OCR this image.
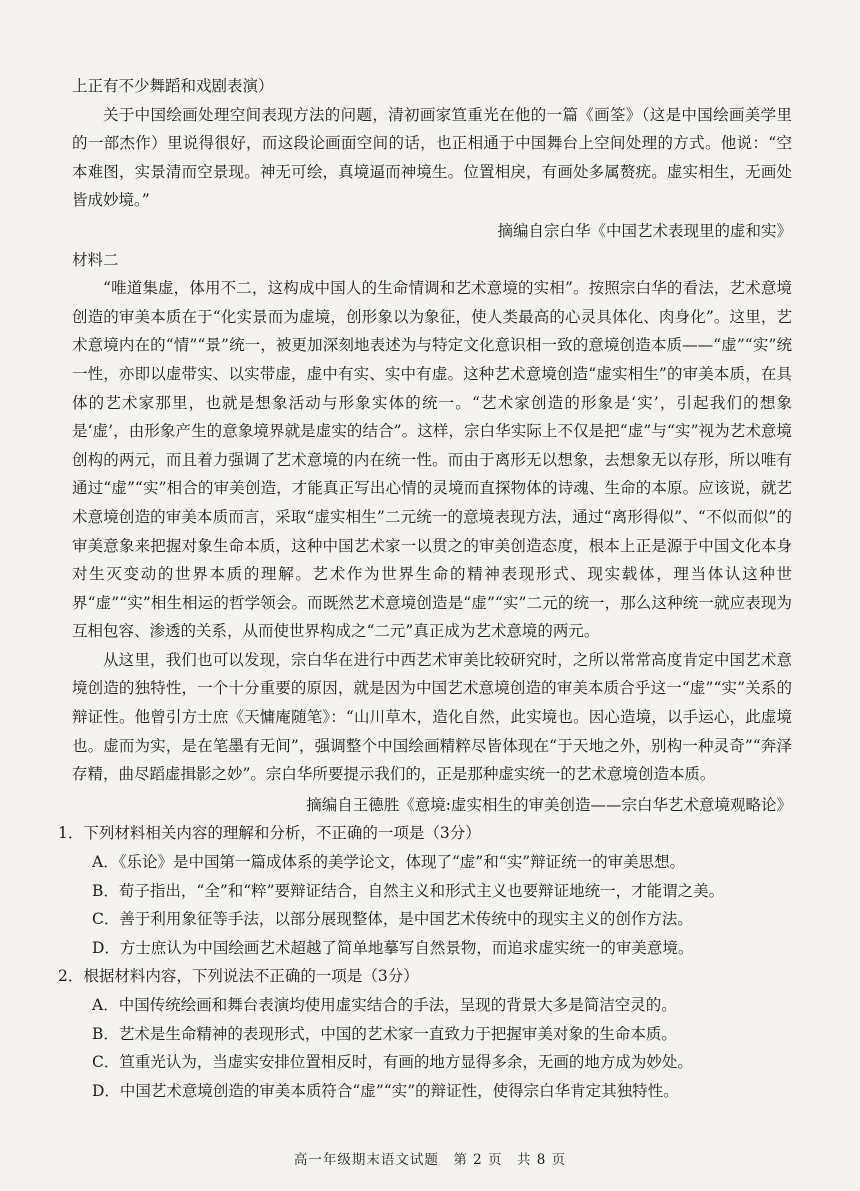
上正有不少舞蹈和戏剧表演）

关于中国绘画处理空间表现方法的问题，清初画家笪重光在他的一篇《画筌》（这是中国绘画美学里的一部杰作）里说得很好，而这段论画面空间的话，也正相通于中国舞台上空间处理的方式。他说：“空本难图，实景清而空景现。神无可绘，真境逼而神境生。位置相戾，有画处多属赘疣。虚实相生，无画处皆成妙境。”

摘编自宗白华《中国艺术表现里的虚和实》

材料二

“唯道集虚，体用不二，这构成中国人的生命情调和艺术意境的实相”。按照宗白华的看法，艺术意境创造的审美本质在于“化实景而为虚境，创形象以为象征，使人类最高的心灵具体化、肉身化”。这里，艺术意境内在的“情”“景”统一，被更加深刻地表述为与特定文化意识相一致的意境创造本质——“虚”“实”统一性，亦即以虚带实、以实带虚，虚中有实、实中有虚。这种艺术意境创造“虚实相生”的审美本质，在具体的艺术家那里，也就是想象活动与形象实体的统一。“艺术家创造的形象是‘实’，引起我们的想象是‘虚’，由形象产生的意象境界就是虚实的结合”。这样，宗白华实际上不仅是把“虚”与“实”视为艺术意境创构的两元，而且着力强调了艺术意境的内在统一性。而由于离形无以想象，去想象无以存形，所以唯有通过“虚”“实”相合的审美创造，才能真正写出心情的灵境而直探物体的诗魂、生命的本原。应该说，就艺术意境创造的审美本质而言，采取“虚实相生”二元统一的意境表现方法，通过“离形得似”、“不似而似”的审美意象来把握对象生命本质，这种中国艺术家一以贯之的审美创造态度，根本上正是源于中国文化本身对生灭变动的世界本质的理解。艺术作为世界生命的精神表现形式、现实载体，理当体认这种世界“虚”“实”相生相运的哲学领会。而既然艺术意境创造是“虚”“实”二元的统一，那么这种统一就应表现为互相包容、渗透的关系，从而使世界构成之“二元”真正成为艺术意境的两元。

从这里，我们也可以发现，宗白华在进行中西艺术审美比较研究时，之所以常常高度肯定中国艺术意境创造的独特性，一个十分重要的原因，就是因为中国艺术意境创造的审美本质合乎这一“虚”“实”关系的辩证性。他曾引方士庶《天慵庵随笔》：“山川草木，造化自然，此实境也。因心造境，以手运心，此虚境也。虚而为实，是在笔墨有无间”，强调整个中国绘画精粹尽皆体现在“于天地之外，别构一种灵奇”“奔泽存精，曲尽蹈虚揖影之妙”。宗白华所要提示我们的，正是那种虚实统一的艺术意境创造本质。

摘编自王德胜《意境:虚实相生的审美创造——宗白华艺术意境观略论》

1．下列材料相关内容的理解和分析，不正确的一项是（3分）

A．《乐论》是中国第一篇成体系的美学论文，体现了“虚”和“实”辩证统一的审美思想。

B．荀子指出，“全”和“粹”要辩证结合，自然主义和形式主义也要辩证地统一，才能谓之美。

C．善于利用象征等手法，以部分展现整体，是中国艺术传统中的现实主义的创作方法。

D．方士庶认为中国绘画艺术超越了简单地摹写自然景物，而追求虚实统一的审美意境。

2．根据材料内容，下列说法不正确的一项是（3分）

A．中国传统绘画和舞台表演均使用虚实结合的手法，呈现的背景大多是简洁空灵的。

B．艺术是生命精神的表现形式，中国的艺术家一直致力于把握审美对象的生命本质。

C．笪重光认为，当虚实安排位置相反时，有画的地方显得多余，无画的地方成为妙处。

D．中国艺术意境创造的审美本质符合“虚”“实”的辩证性，使得宗白华肯定其独特性。

高一年级期末语文试题　第 2 页　共 8 页
